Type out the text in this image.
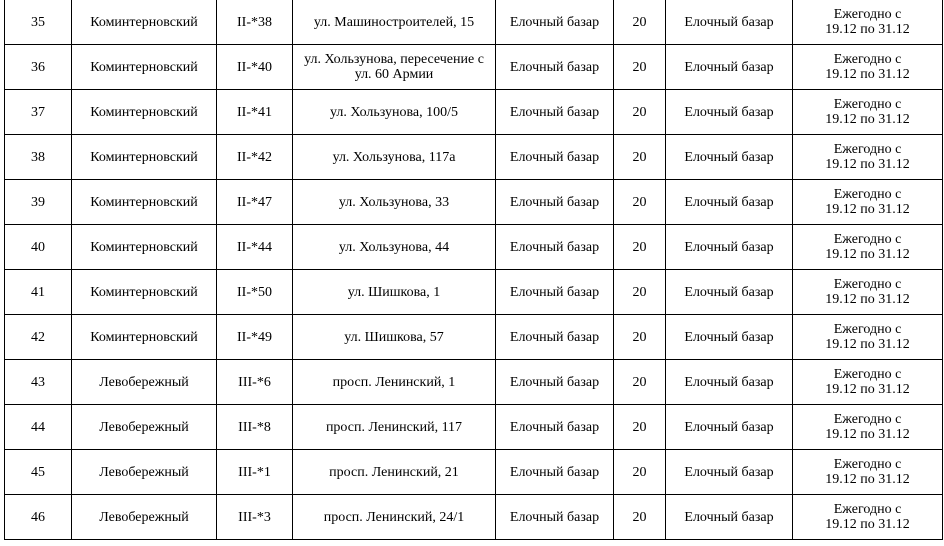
35	Коминтерновский	II-*38	ул. Машиностроителей, 15	Елочный базар	20	Елочный базар	Ежегодно с
19.12 по 31.12
36	Коминтерновский	II-*40	ул. Хользунова, пересечение с ул. 60 Армии	Елочный базар	20	Елочный базар	Ежегодно с
19.12 по 31.12
37	Коминтерновский	II-*41	ул. Хользунова, 100/5	Елочный базар	20	Елочный базар	Ежегодно с
19.12 по 31.12
38	Коминтерновский	II-*42	ул. Хользунова, 117а	Елочный базар	20	Елочный базар	Ежегодно с
19.12 по 31.12
39	Коминтерновский	II-*47	ул. Хользунова, 33	Елочный базар	20	Елочный базар	Ежегодно с
19.12 по 31.12
40	Коминтерновский	II-*44	ул. Хользунова, 44	Елочный базар	20	Елочный базар	Ежегодно с
19.12 по 31.12
41	Коминтерновский	II-*50	ул. Шишкова, 1	Елочный базар	20	Елочный базар	Ежегодно с
19.12 по 31.12
42	Коминтерновский	II-*49	ул. Шишкова, 57	Елочный базар	20	Елочный базар	Ежегодно с
19.12 по 31.12
43	Левобережный	III-*6	просп. Ленинский, 1	Елочный базар	20	Елочный базар	Ежегодно с
19.12 по 31.12
44	Левобережный	III-*8	просп. Ленинский, 117	Елочный базар	20	Елочный базар	Ежегодно с
19.12 по 31.12
45	Левобережный	III-*1	просп. Ленинский, 21	Елочный базар	20	Елочный базар	Ежегодно с
19.12 по 31.12
46	Левобережный	III-*3	просп. Ленинский, 24/1	Елочный базар	20	Елочный базар	Ежегодно с
19.12 по 31.12
